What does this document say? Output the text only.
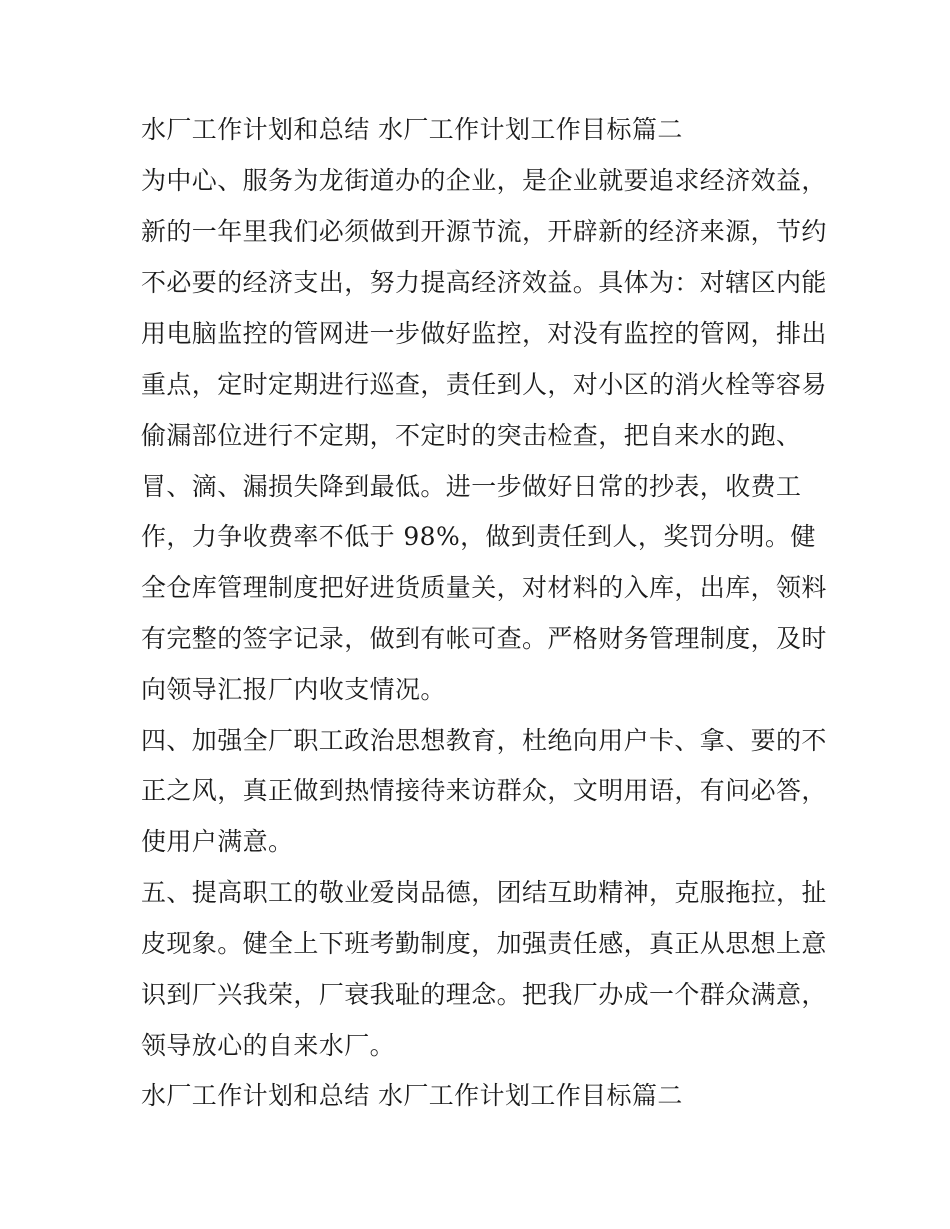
水厂工作计划和总结 水厂工作计划工作目标篇二
为中心、服务为龙街道办的企业，是企业就要追求经济效益，
新的一年里我们必须做到开源节流，开辟新的经济来源，节约
不必要的经济支出，努力提高经济效益。具体为：对辖区内能
用电脑监控的管网进一步做好监控，对没有监控的管网，排出
重点，定时定期进行巡查，责任到人，对小区的消火栓等容易
偷漏部位进行不定期，不定时的突击检查，把自来水的跑、
冒、滴、漏损失降到最低。进一步做好日常的抄表，收费工
作，力争收费率不低于 98%，做到责任到人，奖罚分明。健
全仓库管理制度把好进货质量关，对材料的入库，出库，领料
有完整的签字记录，做到有帐可查。严格财务管理制度，及时
向领导汇报厂内收支情况。
四、加强全厂职工政治思想教育，杜绝向用户卡、拿、要的不
正之风，真正做到热情接待来访群众，文明用语，有问必答，
使用户满意。
五、提高职工的敬业爱岗品德，团结互助精神，克服拖拉，扯
皮现象。健全上下班考勤制度，加强责任感，真正从思想上意
识到厂兴我荣，厂衰我耻的理念。把我厂办成一个群众满意，
领导放心的自来水厂。
水厂工作计划和总结 水厂工作计划工作目标篇二
